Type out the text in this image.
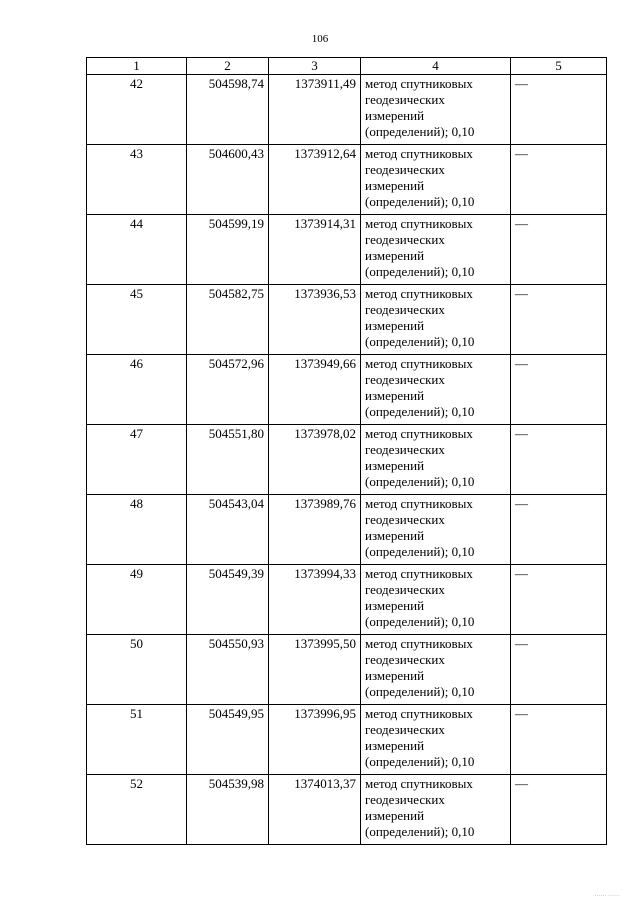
106
1	2	3	4	5
42	504598,74	1373911,49	метод спутниковых геодезических измерений (определений); 0,10	—
43	504600,43	1373912,64	метод спутниковых геодезических измерений (определений); 0,10	—
44	504599,19	1373914,31	метод спутниковых геодезических измерений (определений); 0,10	—
45	504582,75	1373936,53	метод спутниковых геодезических измерений (определений); 0,10	—
46	504572,96	1373949,66	метод спутниковых геодезических измерений (определений); 0,10	—
47	504551,80	1373978,02	метод спутниковых геодезических измерений (определений); 0,10	—
48	504543,04	1373989,76	метод спутниковых геодезических измерений (определений); 0,10	—
49	504549,39	1373994,33	метод спутниковых геодезических измерений (определений); 0,10	—
50	504550,93	1373995,50	метод спутниковых геодезических измерений (определений); 0,10	—
51	504549,95	1373996,95	метод спутниковых геодезических измерений (определений); 0,10	—
52	504539,98	1374013,37	метод спутниковых геодезических измерений (определений); 0,10	—
…… ……
